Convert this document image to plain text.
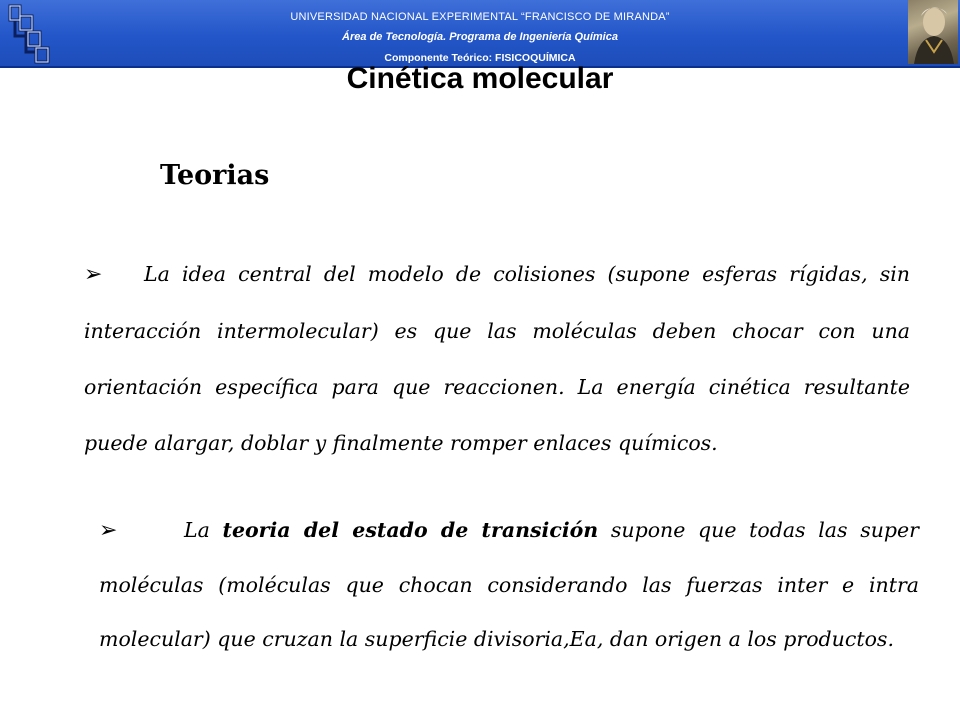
UNIVERSIDAD NACIONAL EXPERIMENTAL “FRANCISCO DE MIRANDA”
Área de Tecnología. Programa de Ingeniería Química
Componente Teórico: FISICOQUÍMICA
Cinética molecular
Teorias

➢ La idea central del modelo de colisiones (supone esferas rígidas, sin interacción intermolecular) es que las moléculas deben chocar con una orientación específica para que reaccionen. La energía cinética resultante puede alargar, doblar y finalmente romper enlaces químicos.

➢	La teoria del estado de transición supone que todas las super moléculas (moléculas que chocan considerando las fuerzas inter e intra molecular) que cruzan la superficie divisoria,Ea, dan origen a los productos.
